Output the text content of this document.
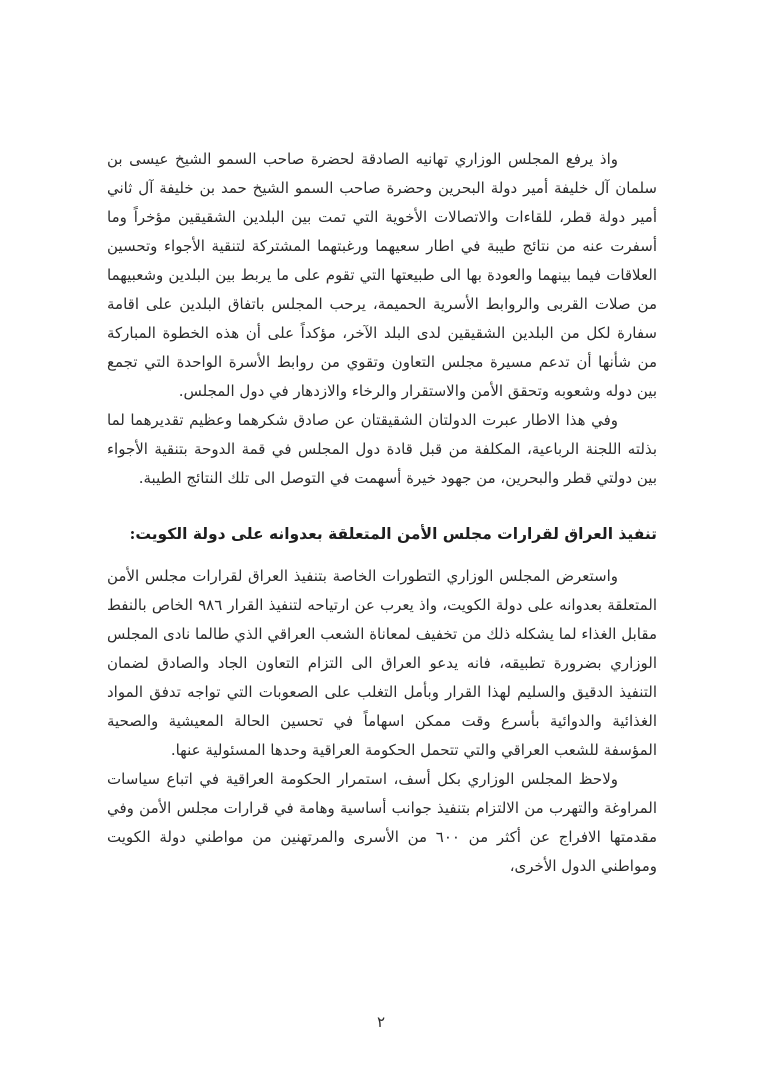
واذ يرفع المجلس الوزاري تهانيه الصادقة لحضرة صاحب السمو الشيخ عيسى بن سلمان آل خليفة أمير دولة البحرين وحضرة صاحب السمو الشيخ حمد بن خليفة آل ثاني أمير دولة قطر، للقاءات والاتصالات الأخوية التي تمت بين البلدين الشقيقين مؤخراً وما أسفرت عنه من نتائج طيبة في اطار سعيهما ورغبتهما المشتركة لتنقية الأجواء وتحسين العلاقات فيما بينهما والعودة بها الى طبيعتها التي تقوم على ما يربط بين البلدين وشعبيهما من صلات القربى والروابط الأسرية الحميمة، يرحب المجلس باتفاق البلدين على اقامة سفارة لكل من البلدين الشقيقين لدى البلد الآخر، مؤكداً على أن هذه الخطوة المباركة من شأنها أن تدعم مسيرة مجلس التعاون وتقوي من روابط الأسرة الواحدة التي تجمع بين دوله وشعوبه وتحقق الأمن والاستقرار والرخاء والازدهار في دول المجلس.

وفي هذا الاطار عبرت الدولتان الشقيقتان عن صادق شكرهما وعظيم تقديرهما لما بذلته اللجنة الرباعية، المكلفة من قبل قادة دول المجلس في قمة الدوحة بتنقية الأجواء بين دولتي قطر والبحرين، من جهود خيرة أسهمت في التوصل الى تلك النتائج الطيبة.

تنفيذ العراق لقرارات مجلس الأمن المتعلقة بعدوانه على دولة الكويت:

واستعرض المجلس الوزاري التطورات الخاصة بتنفيذ العراق لقرارات مجلس الأمن المتعلقة بعدوانه على دولة الكويت، واذ يعرب عن ارتياحه لتنفيذ القرار ٩٨٦ الخاص بالنفط مقابل الغذاء لما يشكله ذلك من تخفيف لمعاناة الشعب العراقي الذي طالما نادى المجلس الوزاري بضرورة تطبيقه، فانه يدعو العراق الى التزام التعاون الجاد والصادق لضمان التنفيذ الدقيق والسليم لهذا القرار وبأمل التغلب على الصعوبات التي تواجه تدفق المواد الغذائية والدوائية بأسرع وقت ممكن اسهاماً في تحسين الحالة المعيشية والصحية المؤسفة للشعب العراقي والتي تتحمل الحكومة العراقية وحدها المسئولية عنها.

ولاحظ المجلس الوزاري بكل أسف، استمرار الحكومة العراقية في اتباع سياسات المراوغة والتهرب من الالتزام بتنفيذ جوانب أساسية وهامة في قرارات مجلس الأمن وفي مقدمتها الافراج عن أكثر من ٦٠٠ من الأسرى والمرتهنين من مواطني دولة الكويت ومواطني الدول الأخرى،

٢
